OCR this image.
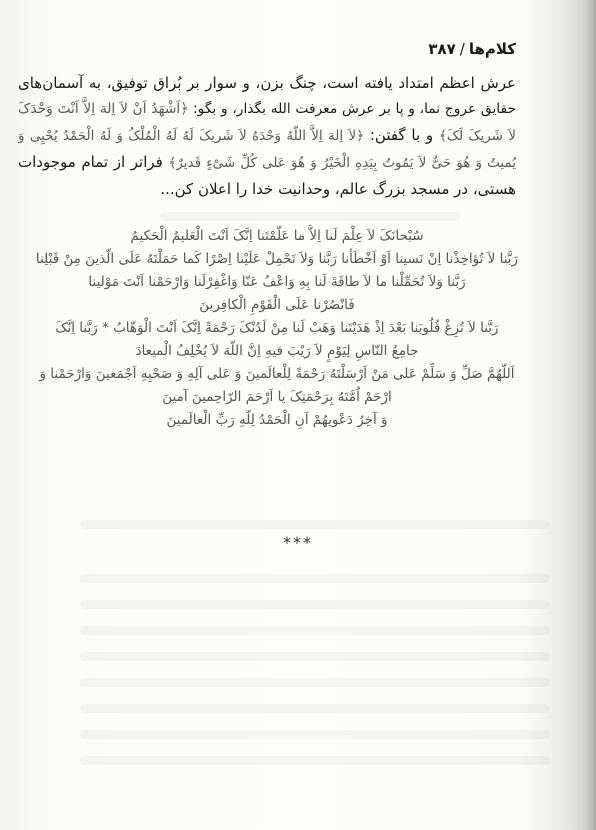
کلام‌ها/۳۸۷
عرش اعظم امتداد یافته است، چنگ بزن، و سوار بر بُراق توفیق، به آسمان‌های
حقایق عروج نما، و پا بر عرش معرفت الله بگذار، و بگو: ﴿اَشْهَدُ اَنْ لاَ اِلهَ اِلاَّ اَنْتَ وَحْدَکَ
لاَ شَریکَ لَکَ﴾ و با گفتن: ﴿لاَ اِلهَ اِلاَّ اللّهُ وَحْدَهُ لاَ شَریکَ لَهُ لَهُ الْمُلْکُ وَ لَهُ الْحَمْدُ یُحْیِی وَ
یُمیتُ وَ هُوَ حَیٌّ لاَ یَمُوتُ بِیَدِهِ الْخَیْرُ وَ هُوَ عَلی کُلِّ شَیْءٍ قَدیرٌ﴾ فراتر از تمام موجودات
هستی، در مسجد بزرگ عالم، وحدانیت خدا را اعلان کن...
سُبْحانَکَ لاَ عِلْمَ لَنا اِلاَّ ما عَلَّمْتَنا اِنَّکَ اَنْتَ الْعَلیمُ الْحَکیمُ
رَبَّنا لاَ تُؤاخِذْنا اِنْ نَسینا اَوْ اَخْطَأْنا رَبَّنا وَلاَ تَحْمِلْ عَلَیْنا اِصْرًا کَما حَمَلْتَهُ عَلَی الَّذینَ مِنْ قَبْلِنا
رَبَّنا وَلاَ تُحَمِّلْنا ما لاَ طاقَةَ لَنا بِهِ وَاعْفُ عَنّا وَاغْفِرْلَنا وَارْحَمْنا اَنْتَ مَوْلینا
فَانْصُرْنا عَلَی الْقَوْمِ الْکافِرینَ
رَبَّنا لاَ تُزِغْ قُلُوبَنا بَعْدَ اِذْ هَدَیْتَنا وَهَبْ لَنا مِنْ لَدُنْکَ رَحْمَةً اِنَّکَ اَنْتَ الْوَهّابُ * رَبَّنا اِنَّکَ
جامِعُ النّاسِ لِیَوْمٍ لاَ رَیْبَ فیهِ اِنَّ اللّهَ لاَ یُخْلِفُ الْمیعادَ
اَللّهُمَّ صَلِّ وَ سَلِّمْ عَلی مَنْ اَرْسَلْتَهُ رَحْمَةً لِلْعالَمینَ وَ عَلی آلِهِ وَ صَحْبِهِ اَجْمَعینَ وَارْحَمْنا وَ
ارْحَمْ اُمَّتَهُ بِرَحْمَتِکَ یا اَرْحَمَ الرّاحِمینَ آمینَ
وَ آخِرُ دَعْویهُمْ اَنِ الْحَمْدُ لِلّهِ رَبِّ الْعالَمینَ
***
